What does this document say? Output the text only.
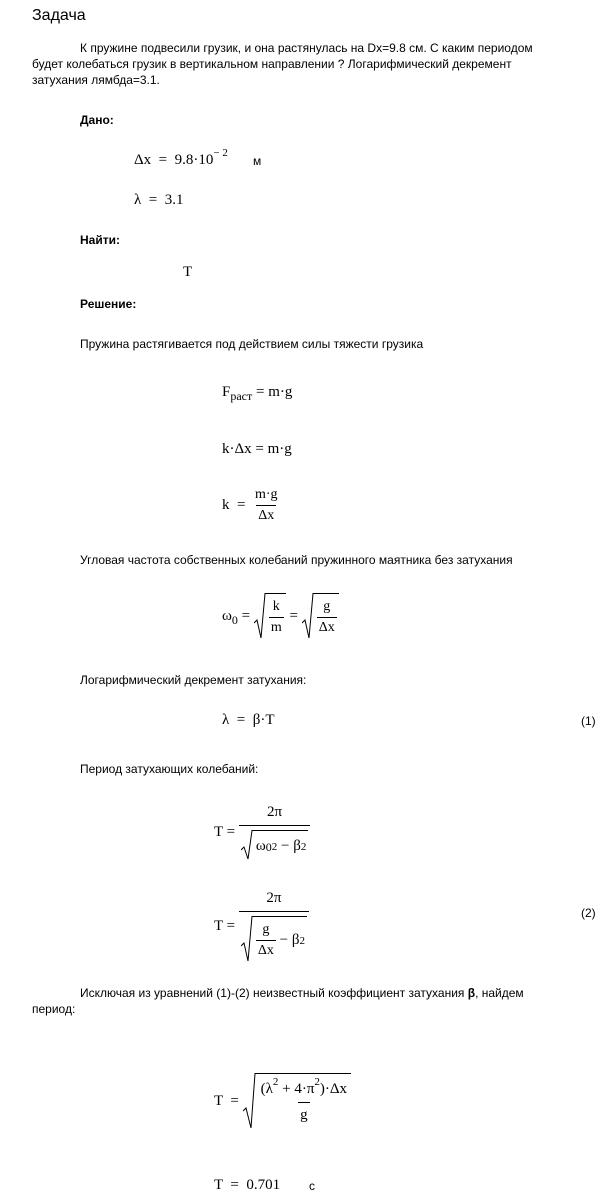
Задача
К пружине подвесили грузик, и она растянулась на Dx=9.8 см. С каким периодом
будет колебаться грузик в вертикальном направлении ? Логарифмический декремент
затухания лямбда=3.1.
Дано:
$\Delta x = 9.8\cdot 10^{- 2}$
м
λ  =  3.1
Найти:
T
Решение:
Пружина растягивается под действием силы тяжести грузика
$F_{раст} = m\cdot g$
k·Δx = m·g
$k = \frac{m\cdot g}{\Delta x}$
Угловая частота собственных колебаний пружинного маятника без затухания
$\omega_0 = \frac{k}{m} = \frac{g}{\Delta x}$
Логарифмический декремент затухания:
λ  =  β·T	(1)
Период затухающих колебаний:
$T = \frac{2\pi}{\omega 0 2 - \beta 2}$
$T = \frac{2\pi}{\frac{g}{\Delta x} - \beta 2}$	(2)
Исключая из уравнений (1)-(2) неизвестный коэффициент затухания β, найдем
период:
$T = \frac{(\lambda^2 + 4\cdot\pi^2)\cdot\Delta x}{g}$
T  =  0.701 с
